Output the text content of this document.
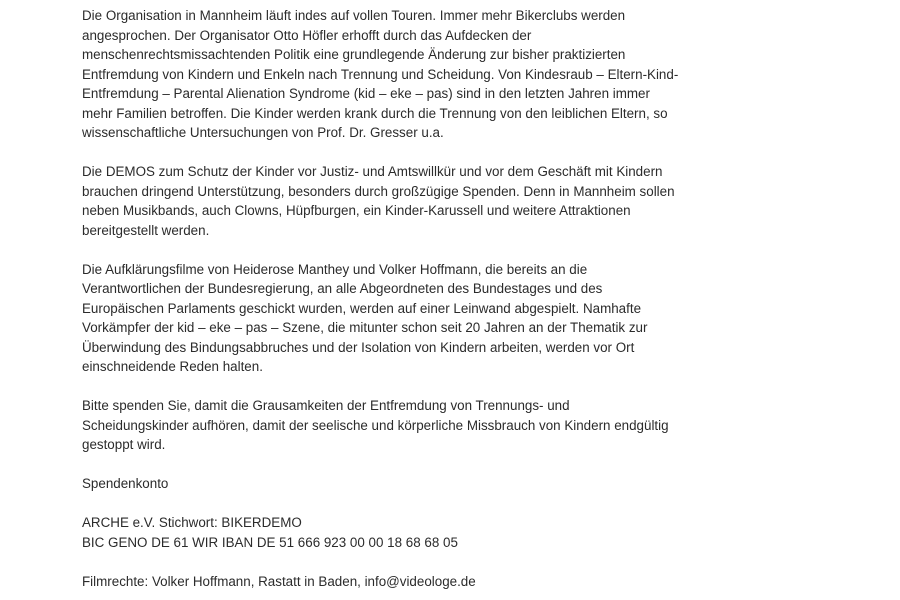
Die Organisation in Mannheim läuft indes auf vollen Touren. Immer mehr Bikerclubs werden
angesprochen. Der Organisator Otto Höfler erhofft durch das Aufdecken der
menschenrechtsmissachtenden Politik eine grundlegende Änderung zur bisher praktizierten
Entfremdung von Kindern und Enkeln nach Trennung und Scheidung. Von Kindesraub – Eltern-Kind-
Entfremdung – Parental Alienation Syndrome (kid – eke – pas) sind in den letzten Jahren immer
mehr Familien betroffen. Die Kinder werden krank durch die Trennung von den leiblichen Eltern, so
wissenschaftliche Untersuchungen von Prof. Dr. Gresser u.a.

Die DEMOS zum Schutz der Kinder vor Justiz- und Amtswillkür und vor dem Geschäft mit Kindern
brauchen dringend Unterstützung, besonders durch großzügige Spenden. Denn in Mannheim sollen
neben Musikbands, auch Clowns, Hüpfburgen, ein Kinder-Karussell und weitere Attraktionen
bereitgestellt werden.

Die Aufklärungsfilme von Heiderose Manthey und Volker Hoffmann, die bereits an die
Verantwortlichen der Bundesregierung, an alle Abgeordneten des Bundestages und des
Europäischen Parlaments geschickt wurden, werden auf einer Leinwand abgespielt. Namhafte
Vorkämpfer der kid – eke – pas – Szene, die mitunter schon seit 20 Jahren an der Thematik zur
Überwindung des Bindungsabbruches und der Isolation von Kindern arbeiten, werden vor Ort
einschneidende Reden halten.

Bitte spenden Sie, damit die Grausamkeiten der Entfremdung von Trennungs- und
Scheidungskinder aufhören, damit der seelische und körperliche Missbrauch von Kindern endgültig
gestoppt wird.

Spendenkonto

ARCHE e.V. Stichwort: BIKERDEMO
BIC GENO DE 61 WIR IBAN DE 51 666 923 00 00 18 68 68 05

Filmrechte: Volker Hoffmann, Rastatt in Baden, info@videologe.de
